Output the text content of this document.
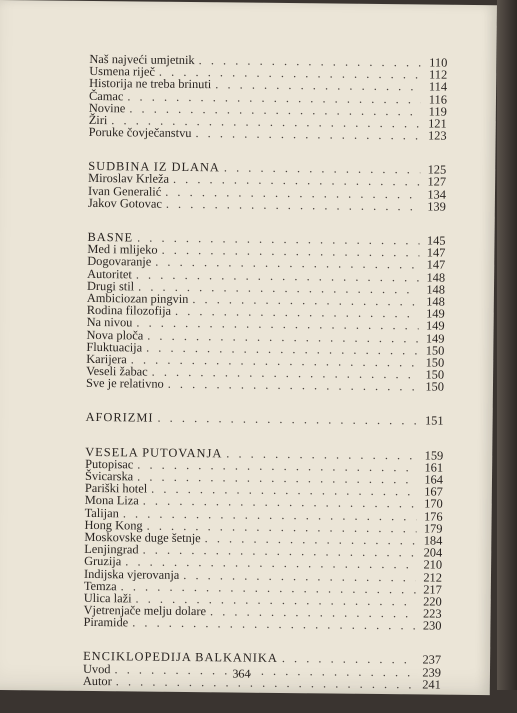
Naš najveći umjetnik . . .	110
Usmena riječ . . .	112
Historija ne treba brinuti . . .	114
Čamac . . .	116
Novine . . .	119
Žiri . . .	121
Poruke čovječanstvu . . .	123
SUDBINA IZ DLANA . . .	125
Miroslav Krleža . . .	127
Ivan Generalić . . .	134
Jakov Gotovac . . .	139
BASNE . . .	145
Med i mlijeko . . .	147
Dogovaranje . . .	147
Autoritet . . .	148
Drugi stil . . .	148
Ambiciozan pingvin . . .	148
Rodina filozofija . . .	149
Na nivou . . .	149
Nova ploča . . .	149
Fluktuacija . . .	150
Karijera . . .	150
Veseli žabac . . .	150
Sve je relativno . . .	150
AFORIZMI . . .	151
VESELA PUTOVANJA . . .	159
Putopisac . . .	161
Švicarska . . .	164
Pariški hotel . . .	167
Mona Liza . . .	170
Talijan . . .	176
Hong Kong . . .	179
Moskovske duge šetnje . . .	184
Lenjingrad . . .	204
Gruzija . . .	210
Indijska vjerovanja . . .	212
Temza . . .	217
Ulica laži . . .	220
Vjetrenjače melju dolare . . .	223
Piramide . . .	230
ENCIKLOPEDIJA BALKANIKA . . .	237
Uvod . . .	239
Autor . . .	241
364
